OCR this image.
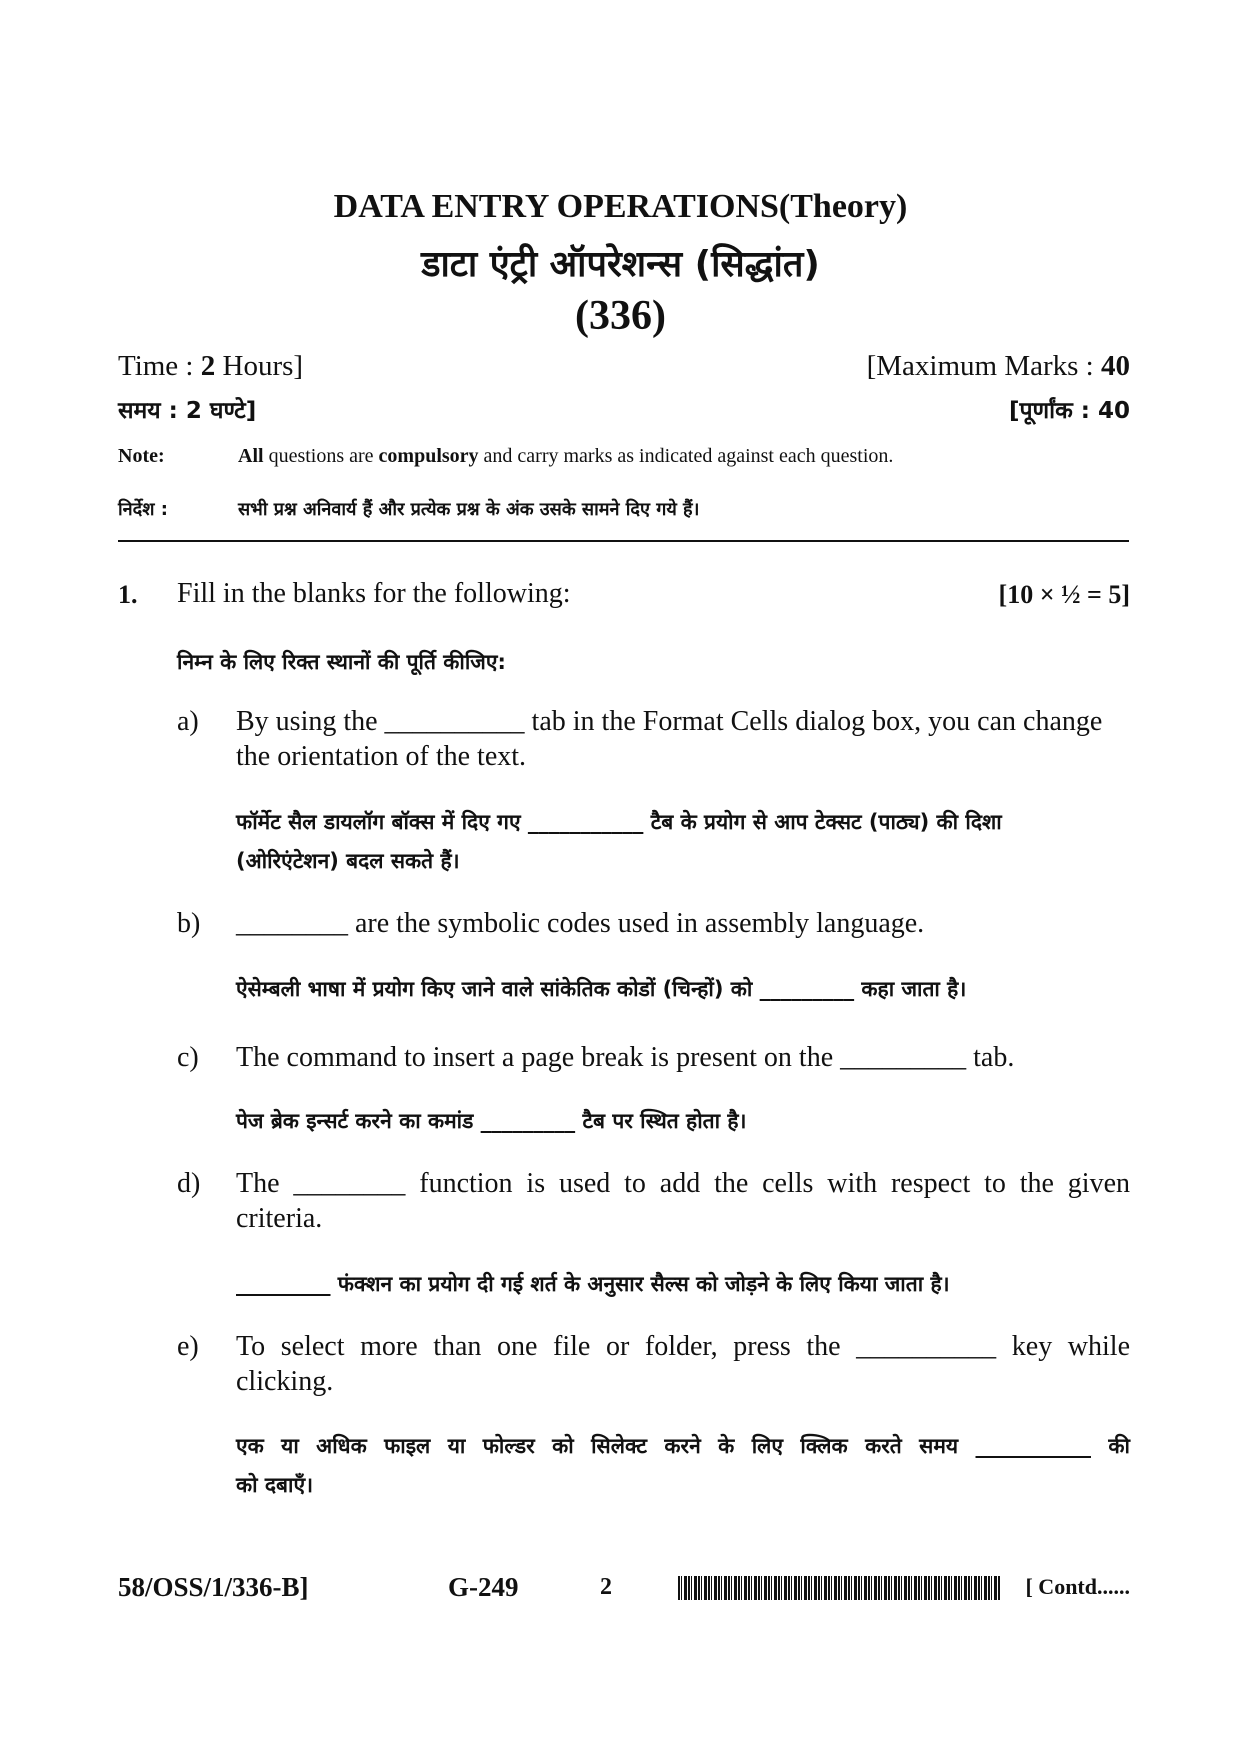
DATA ENTRY OPERATIONS(Theory)
डाटा एंट्री ऑपरेशन्स (सिद्धांत)
(336)
Time : 2 Hours]	[Maximum Marks : 40
समय : 2 घण्टे]	[पूर्णांक : 40
Note:	All questions are compulsory and carry marks as indicated against each question.
निर्देश :	सभी प्रश्न अनिवार्य हैं और प्रत्येक प्रश्न के अंक उसके सामने दिए गये हैं।
1. Fill in the blanks for the following:	[10 × ½ = 5]
निम्न के लिए रिक्त स्थानों की पूर्ति कीजिए:
a) By using the __________ tab in the Format Cells dialog box, you can change
the orientation of the text.
फॉर्मेट सैल डायलॉग बॉक्स में दिए गए ___________ टैब के प्रयोग से आप टेक्सट (पाठ्य) की दिशा
(ओरिएंटेशन) बदल सकते हैं।
b) ________ are the symbolic codes used in assembly language.
ऐसेम्बली भाषा में प्रयोग किए जाने वाले सांकेतिक कोडों (चिन्हों) को _________ कहा जाता है।
c) The command to insert a page break is present on the _________ tab.
पेज ब्रेक इन्सर्ट करने का कमांड _________ टैब पर स्थित होता है।
d) The ________ function is used to add the cells with respect to the given
criteria.
_________ फंक्शन का प्रयोग दी गई शर्त के अनुसार सैल्स को जोड़ने के लिए किया जाता है।
e) To select more than one file or folder, press the __________ key while
clicking.
एक या अधिक फाइल या फोल्डर को सिलेक्ट करने के लिए क्लिक करते समय ___________ की
को दबाएँ।
58/OSS/1/336-B]	G-249	2	[ Contd......
